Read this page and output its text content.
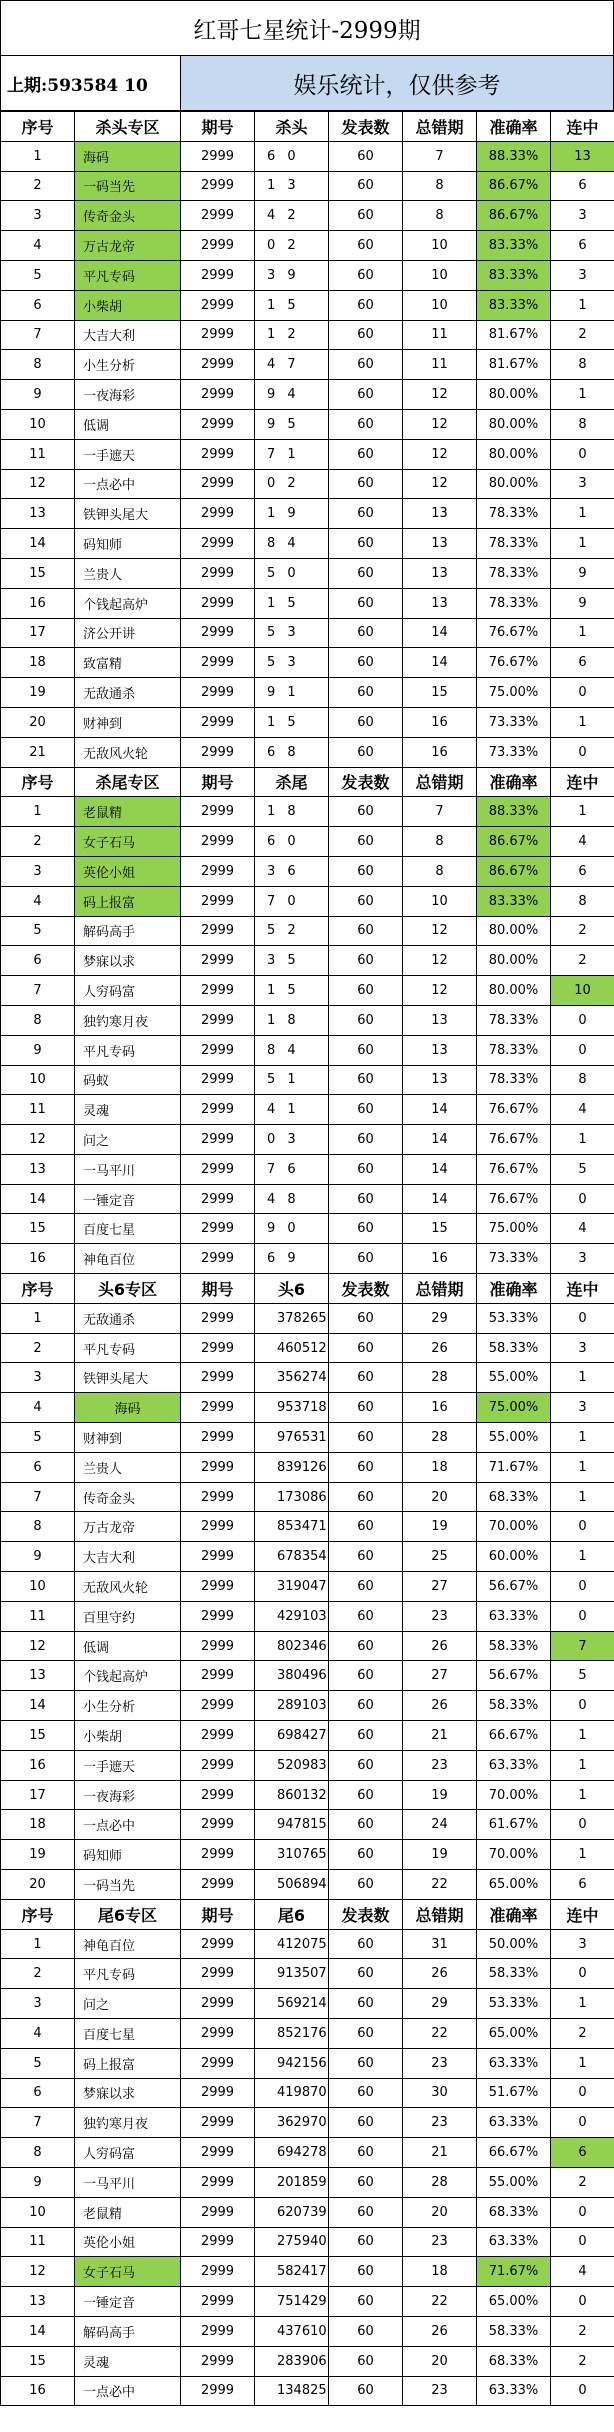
红哥七星统计-2999期
上期:593584 10	娱乐统计，仅供参考
序号	杀头专区	期号	杀头	发表数	总错期	准确率	连中
1	海码	2999	6 0	60	7	88.33%	13
2	一码当先	2999	1 3	60	8	86.67%	6
3	传奇金头	2999	4 2	60	8	86.67%	3
4	万古龙帝	2999	0 2	60	10	83.33%	6
5	平凡专码	2999	3 9	60	10	83.33%	3
6	小柴胡	2999	1 5	60	10	83.33%	1
7	大吉大利	2999	1 2	60	11	81.67%	2
8	小生分析	2999	4 7	60	11	81.67%	8
9	一夜海彩	2999	9 4	60	12	80.00%	1
10	低调	2999	9 5	60	12	80.00%	8
11	一手遮天	2999	7 1	60	12	80.00%	0
12	一点必中	2999	0 2	60	12	80.00%	3
13	铁钾头尾大	2999	1 9	60	13	78.33%	1
14	码知师	2999	8 4	60	13	78.33%	1
15	兰贵人	2999	5 0	60	13	78.33%	9
16	个钱起高炉	2999	1 5	60	13	78.33%	9
17	济公开讲	2999	5 3	60	14	76.67%	1
18	致富精	2999	5 3	60	14	76.67%	6
19	无敌通杀	2999	9 1	60	15	75.00%	0
20	财神到	2999	1 5	60	16	73.33%	1
21	无敌风火轮	2999	6 8	60	16	73.33%	0
序号	杀尾专区	期号	杀尾	发表数	总错期	准确率	连中
1	老鼠精	2999	1 8	60	7	88.33%	1
2	女子石马	2999	6 0	60	8	86.67%	4
3	英伦小姐	2999	3 6	60	8	86.67%	6
4	码上报富	2999	7 0	60	10	83.33%	8
5	解码高手	2999	5 2	60	12	80.00%	2
6	梦寐以求	2999	3 5	60	12	80.00%	2
7	人穷码富	2999	1 5	60	12	80.00%	10
8	独钓寒月夜	2999	1 8	60	13	78.33%	0
9	平凡专码	2999	8 4	60	13	78.33%	0
10	码蚁	2999	5 1	60	13	78.33%	8
11	灵魂	2999	4 1	60	14	76.67%	4
12	问之	2999	0 3	60	14	76.67%	1
13	一马平川	2999	7 6	60	14	76.67%	5
14	一锤定音	2999	4 8	60	14	76.67%	0
15	百度七星	2999	9 0	60	15	75.00%	4
16	神龟百位	2999	6 9	60	16	73.33%	3
序号	头6专区	期号	头6	发表数	总错期	准确率	连中
1	无敌通杀	2999	378265	60	29	53.33%	0
2	平凡专码	2999	460512	60	26	58.33%	3
3	铁钾头尾大	2999	356274	60	28	55.00%	1
4	海码	2999	953718	60	16	75.00%	3
5	财神到	2999	976531	60	28	55.00%	1
6	兰贵人	2999	839126	60	18	71.67%	1
7	传奇金头	2999	173086	60	20	68.33%	1
8	万古龙帝	2999	853471	60	19	70.00%	0
9	大吉大利	2999	678354	60	25	60.00%	1
10	无敌风火轮	2999	319047	60	27	56.67%	0
11	百里守约	2999	429103	60	23	63.33%	0
12	低调	2999	802346	60	26	58.33%	7
13	个钱起高炉	2999	380496	60	27	56.67%	5
14	小生分析	2999	289103	60	26	58.33%	0
15	小柴胡	2999	698427	60	21	66.67%	1
16	一手遮天	2999	520983	60	23	63.33%	1
17	一夜海彩	2999	860132	60	19	70.00%	1
18	一点必中	2999	947815	60	24	61.67%	0
19	码知师	2999	310765	60	19	70.00%	1
20	一码当先	2999	506894	60	22	65.00%	6
序号	尾6专区	期号	尾6	发表数	总错期	准确率	连中
1	神龟百位	2999	412075	60	31	50.00%	3
2	平凡专码	2999	913507	60	26	58.33%	0
3	问之	2999	569214	60	29	53.33%	1
4	百度七星	2999	852176	60	22	65.00%	2
5	码上报富	2999	942156	60	23	63.33%	1
6	梦寐以求	2999	419870	60	30	51.67%	0
7	独钓寒月夜	2999	362970	60	23	63.33%	0
8	人穷码富	2999	694278	60	21	66.67%	6
9	一马平川	2999	201859	60	28	55.00%	2
10	老鼠精	2999	620739	60	20	68.33%	0
11	英伦小姐	2999	275940	60	23	63.33%	0
12	女子石马	2999	582417	60	18	71.67%	4
13	一锤定音	2999	751429	60	22	65.00%	0
14	解码高手	2999	437610	60	26	58.33%	2
15	灵魂	2999	283906	60	20	68.33%	2
16	一点必中	2999	134825	60	23	63.33%	0
